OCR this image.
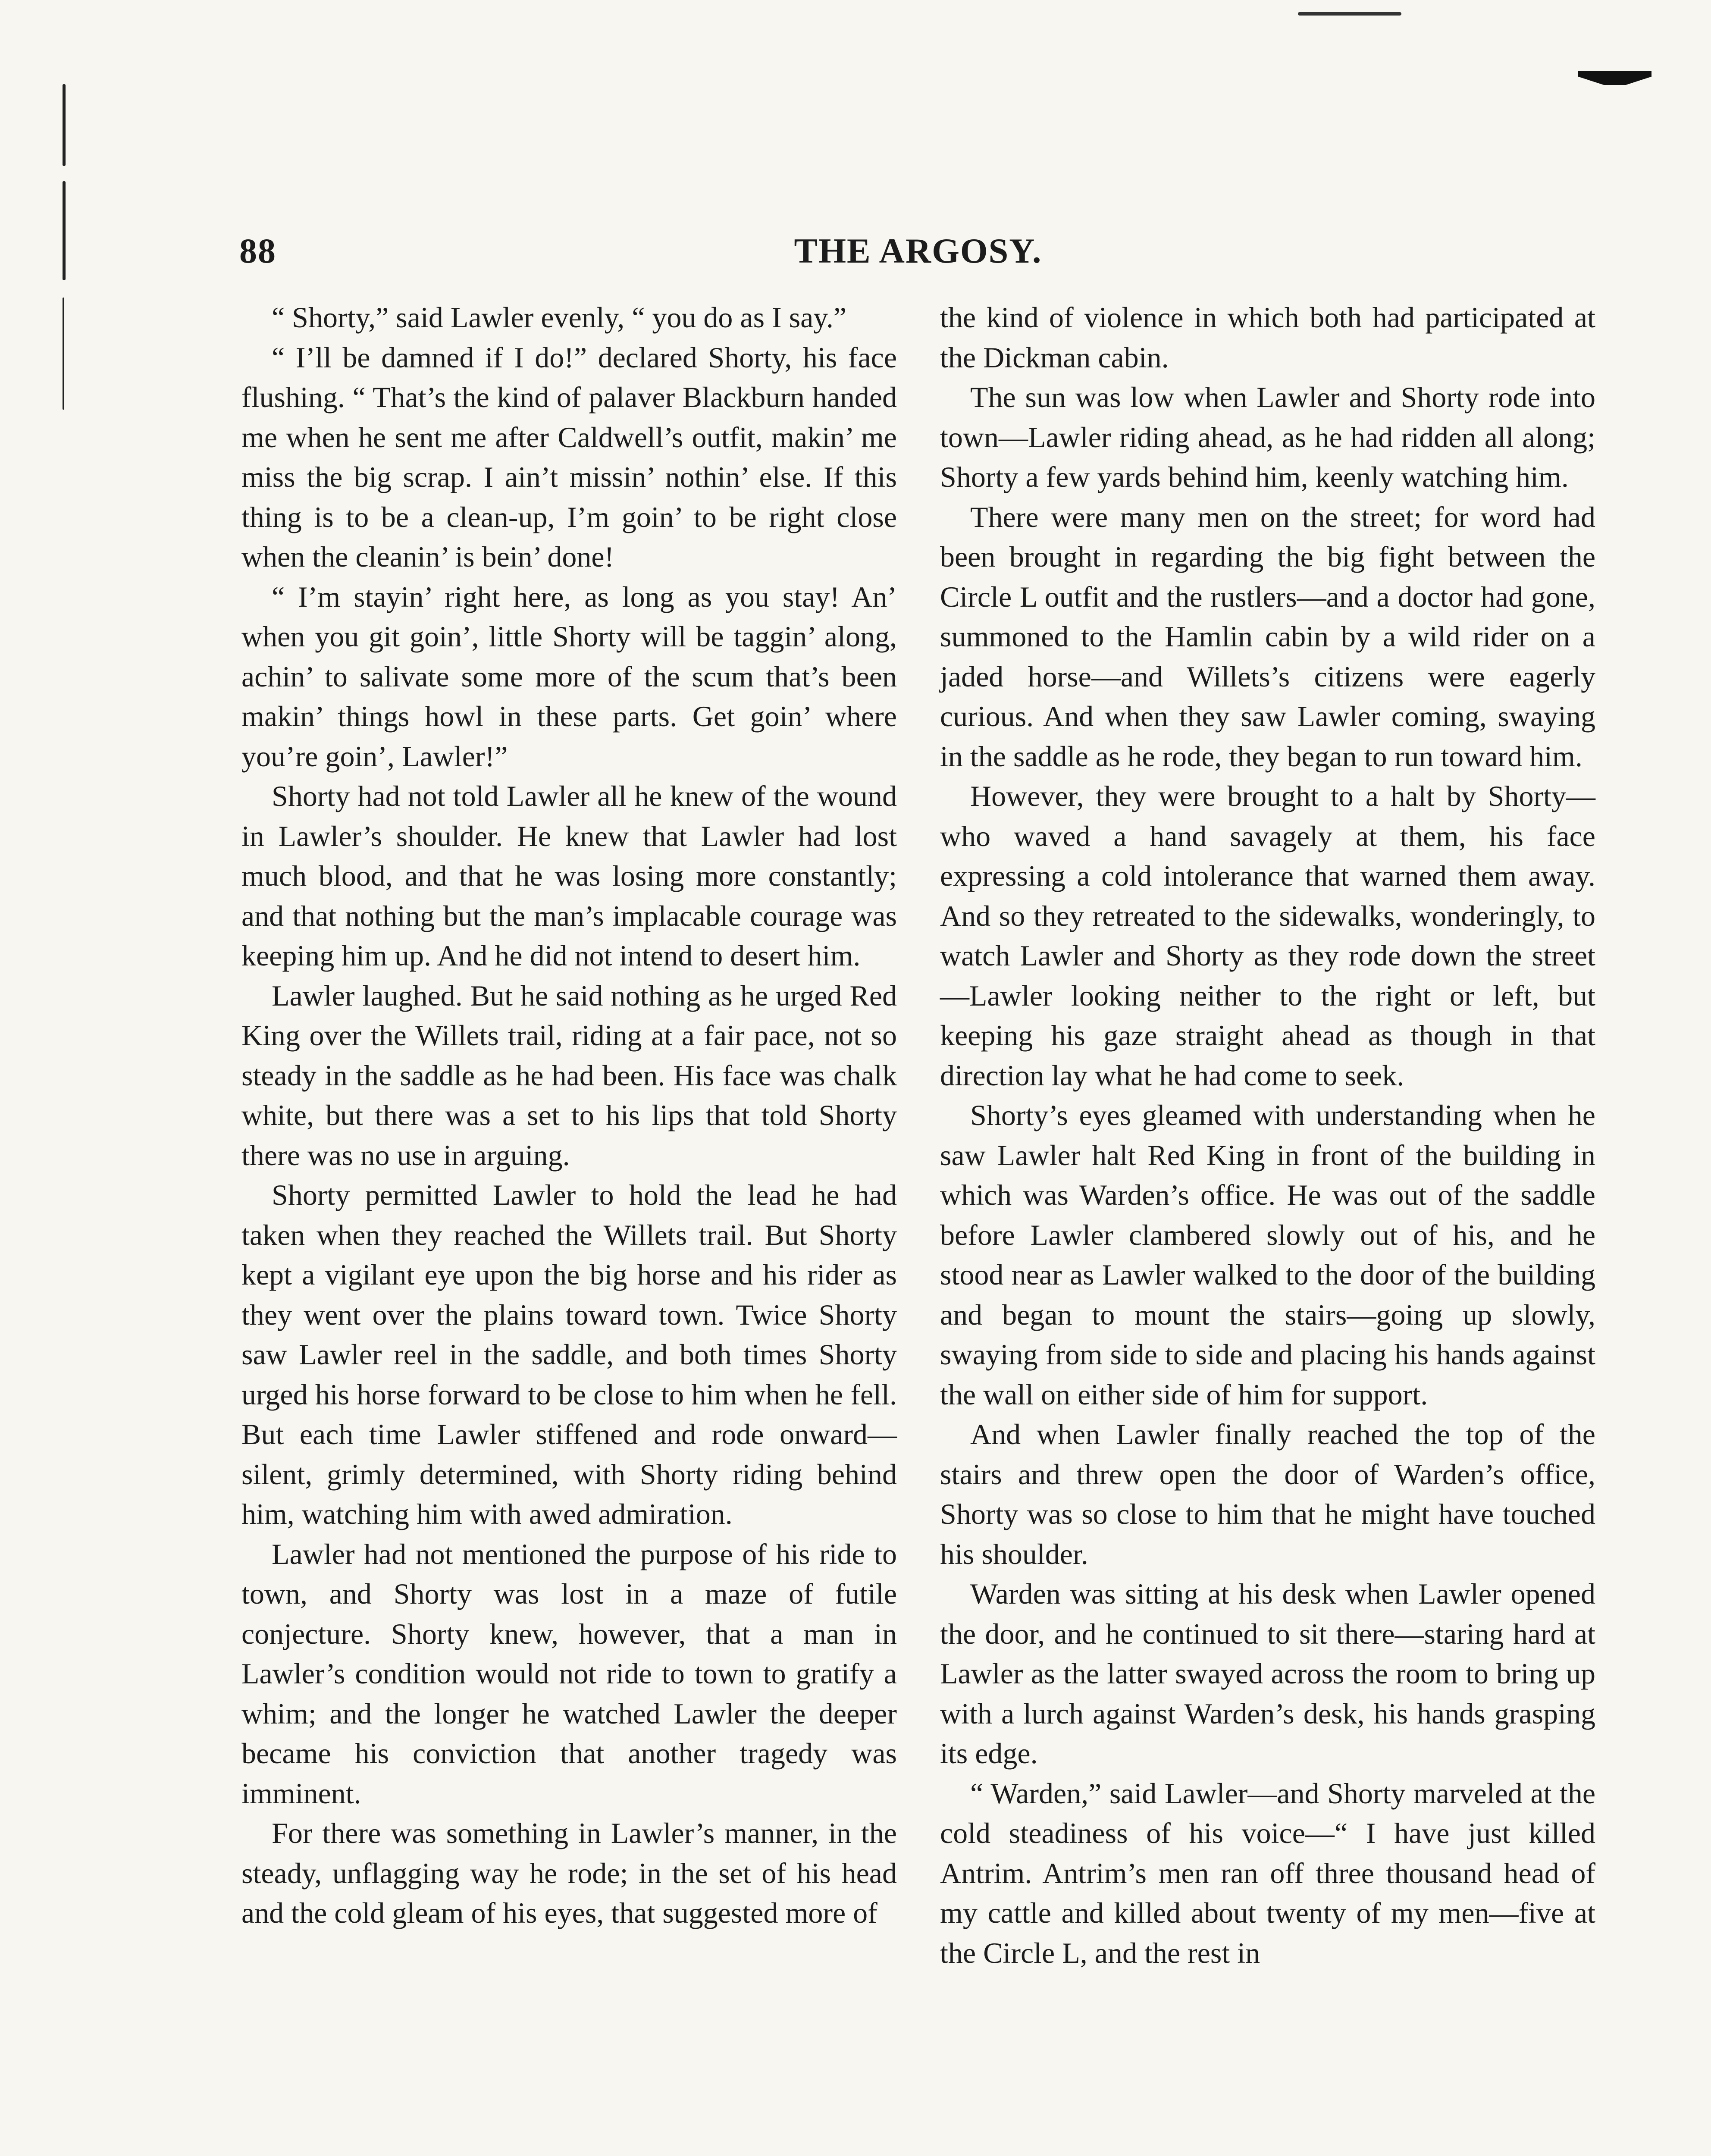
88	THE ARGOSY.

“ Shorty,” said Lawler evenly, “ you do as I say.”

“ I’ll be damned if I do!” declared Shorty, his face flushing. “ That’s the kind of palaver Blackburn handed me when he sent me after Caldwell’s outfit, makin’ me miss the big scrap. I ain’t missin’ nothin’ else. If this thing is to be a clean-up, I’m goin’ to be right close when the cleanin’ is bein’ done!

“ I’m stayin’ right here, as long as you stay! An’ when you git goin’, little Shorty will be taggin’ along, achin’ to salivate some more of the scum that’s been makin’ things howl in these parts. Get goin’ where you’re goin’, Lawler!”

Shorty had not told Lawler all he knew of the wound in Lawler’s shoulder. He knew that Lawler had lost much blood, and that he was losing more constantly; and that nothing but the man’s implacable courage was keeping him up. And he did not intend to desert him.

Lawler laughed. But he said nothing as he urged Red King over the Willets trail, riding at a fair pace, not so steady in the saddle as he had been. His face was chalk white, but there was a set to his lips that told Shorty there was no use in arguing.

Shorty permitted Lawler to hold the lead he had taken when they reached the Willets trail. But Shorty kept a vigilant eye upon the big horse and his rider as they went over the plains toward town. Twice Shorty saw Lawler reel in the saddle, and both times Shorty urged his horse forward to be close to him when he fell. But each time Lawler stiffened and rode onward— silent, grimly determined, with Shorty riding behind him, watching him with awed admiration.

Lawler had not mentioned the purpose of his ride to town, and Shorty was lost in a maze of futile conjecture. Shorty knew, however, that a man in Lawler’s condition would not ride to town to gratify a whim; and the longer he watched Lawler the deeper became his conviction that another tragedy was imminent.

For there was something in Lawler’s manner, in the steady, unflagging way he rode; in the set of his head and the cold gleam of his eyes, that suggested more of

the kind of violence in which both had participated at the Dickman cabin.

The sun was low when Lawler and Shorty rode into town—Lawler riding ahead, as he had ridden all along; Shorty a few yards behind him, keenly watching him.

There were many men on the street; for word had been brought in regarding the big fight between the Circle L outfit and the rustlers—and a doctor had gone, summoned to the Hamlin cabin by a wild rider on a jaded horse—and Willets’s citizens were eagerly curious. And when they saw Lawler coming, swaying in the saddle as he rode, they began to run toward him.

However, they were brought to a halt by Shorty—who waved a hand savagely at them, his face expressing a cold intolerance that warned them away. And so they retreated to the sidewalks, wonderingly, to watch Lawler and Shorty as they rode down the street—Lawler looking neither to the right or left, but keeping his gaze straight ahead as though in that direction lay what he had come to seek.

Shorty’s eyes gleamed with understanding when he saw Lawler halt Red King in front of the building in which was Warden’s office. He was out of the saddle before Lawler clambered slowly out of his, and he stood near as Lawler walked to the door of the building and began to mount the stairs—going up slowly, swaying from side to side and placing his hands against the wall on either side of him for support.

And when Lawler finally reached the top of the stairs and threw open the door of Warden’s office, Shorty was so close to him that he might have touched his shoulder.

Warden was sitting at his desk when Lawler opened the door, and he continued to sit there—staring hard at Lawler as the latter swayed across the room to bring up with a lurch against Warden’s desk, his hands grasping its edge.

“ Warden,” said Lawler—and Shorty marveled at the cold steadiness of his voice—“ I have just killed Antrim. Antrim’s men ran off three thousand head of my cattle and killed about twenty of my men—five at the Circle L, and the rest in
